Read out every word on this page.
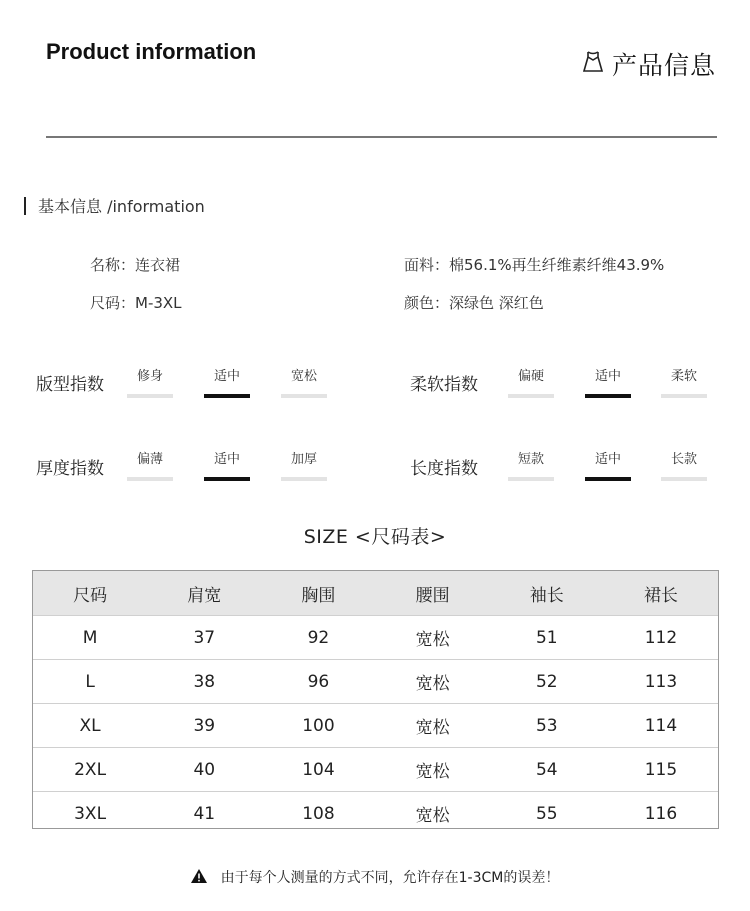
Product information	产品信息
基本信息 /information
名称：连衣裙
尺码：M-3XL
面料：棉56.1%再生纤维素纤维43.9%
颜色：深绿色 深红色
版型指数	修身	适中	宽松	柔软指数	偏硬	适中	柔软
厚度指数	偏薄	适中	加厚	长度指数	短款	适中	长款
SIZE <尺码表>
尺码	肩宽	胸围	腰围	袖长	裙长
M	37	92	宽松	51	112
L	38	96	宽松	52	113
XL	39	100	宽松	53	114
2XL	40	104	宽松	54	115
3XL	41	108	宽松	55	116
由于每个人测量的方式不同，允许存在1-3CM的误差！
